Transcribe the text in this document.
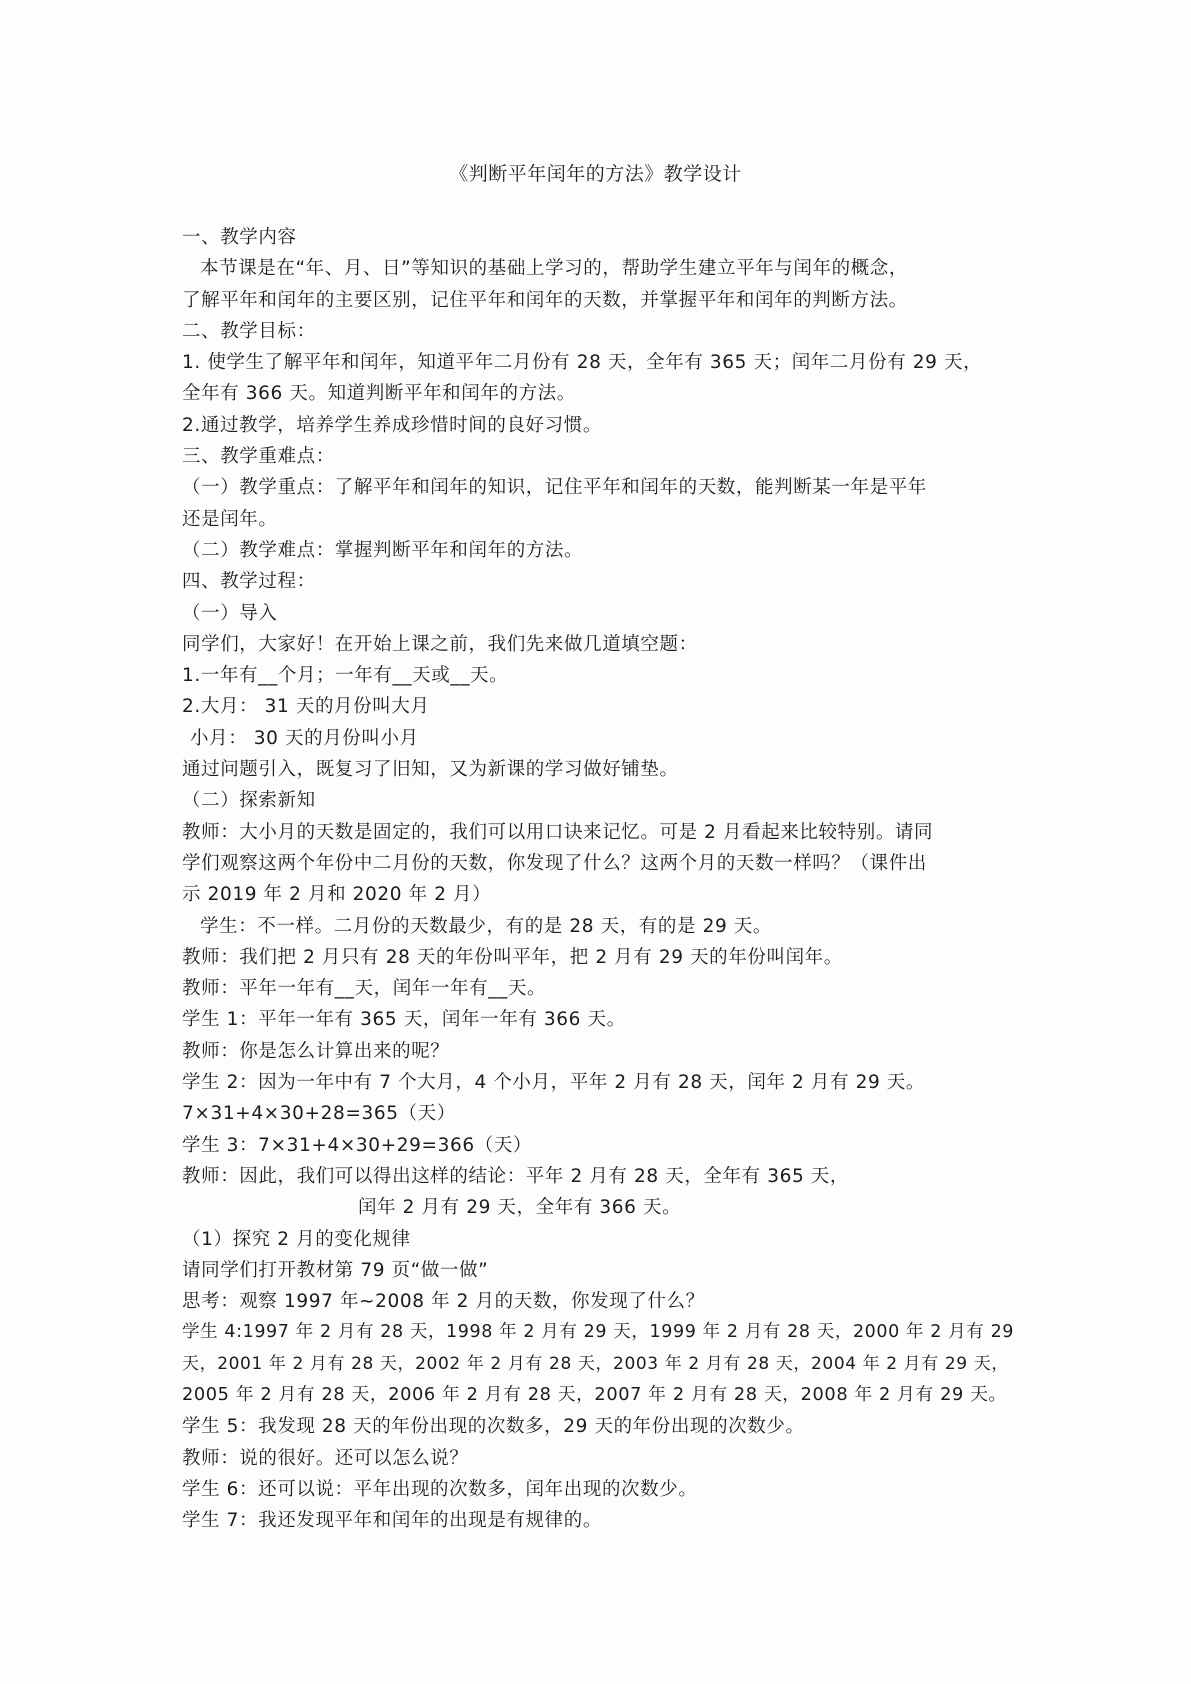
《判断平年闰年的方法》教学设计
一、教学内容
本节课是在“年、月、日”等知识的基础上学习的，帮助学生建立平年与闰年的概念，
了解平年和闰年的主要区别，记住平年和闰年的天数，并掌握平年和闰年的判断方法。
二、教学目标：
1. 使学生了解平年和闰年，知道平年二月份有 28 天，全年有 365 天；闰年二月份有 29 天，
全年有 366 天。知道判断平年和闰年的方法。
2.通过教学，培养学生养成珍惜时间的良好习惯。
三、教学重难点：
（一）教学重点：了解平年和闰年的知识，记住平年和闰年的天数，能判断某一年是平年
还是闰年。
（二）教学难点：掌握判断平年和闰年的方法。
四、教学过程：
（一）导入
同学们，大家好！在开始上课之前，我们先来做几道填空题：
1.一年有__个月；一年有__天或__天。
2.大月： 31 天的月份叫大月
小月： 30 天的月份叫小月
通过问题引入，既复习了旧知，又为新课的学习做好铺垫。
（二）探索新知
教师：大小月的天数是固定的，我们可以用口诀来记忆。可是 2 月看起来比较特别。请同
学们观察这两个年份中二月份的天数，你发现了什么？这两个月的天数一样吗？（课件出
示 2019 年 2 月和 2020 年 2 月）
学生：不一样。二月份的天数最少，有的是 28 天，有的是 29 天。
教师：我们把 2 月只有 28 天的年份叫平年，把 2 月有 29 天的年份叫闰年。
教师：平年一年有__天，闰年一年有__天。
学生 1：平年一年有 365 天，闰年一年有 366 天。
教师：你是怎么计算出来的呢？
学生 2：因为一年中有 7 个大月，4 个小月，平年 2 月有 28 天，闰年 2 月有 29 天。
7×31+4×30+28=365（天）
学生 3：7×31+4×30+29=366（天）
教师：因此，我们可以得出这样的结论：平年 2 月有 28 天，全年有 365 天，
闰年 2 月有 29 天，全年有 366 天。
（1）探究 2 月的变化规律
请同学们打开教材第 79 页“做一做”
思考：观察 1997 年~2008 年 2 月的天数，你发现了什么？
学生 4:1997 年 2 月有 28 天，1998 年 2 月有 29 天，1999 年 2 月有 28 天，2000 年 2 月有 29
天，2001 年 2 月有 28 天，2002 年 2 月有 28 天，2003 年 2 月有 28 天，2004 年 2 月有 29 天，
2005 年 2 月有 28 天，2006 年 2 月有 28 天，2007 年 2 月有 28 天，2008 年 2 月有 29 天。
学生 5：我发现 28 天的年份出现的次数多，29 天的年份出现的次数少。
教师：说的很好。还可以怎么说？
学生 6：还可以说：平年出现的次数多，闰年出现的次数少。
学生 7：我还发现平年和闰年的出现是有规律的。
